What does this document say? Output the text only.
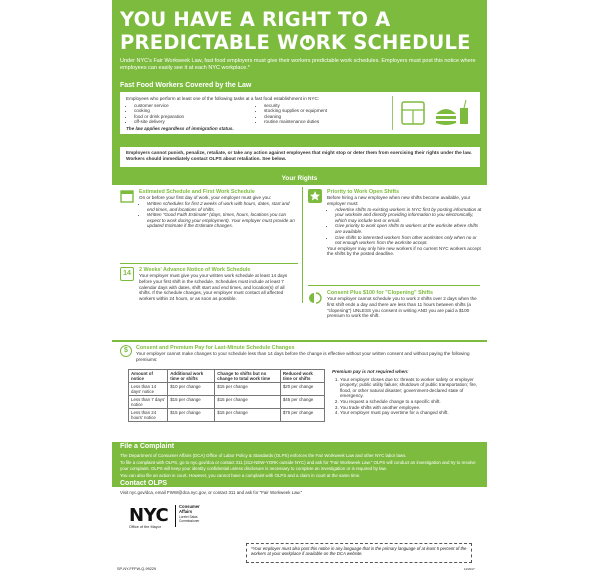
YOU HAVE A RIGHT TO A
PREDICTABLE W RK SCHEDULE
Under NYC's Fair Workweek Law, fast food employers must give their workers predictable work schedules. Employers must post this notice where employees can easily see it at each NYC workplace.*
Fast Food Workers Covered by the Law
Employees who perform at least one of the following tasks at a fast food establishment in NYC:
• customer service
• cooking
• food or drink preparation
• off-site delivery
• security
• stocking supplies or equipment
• cleaning
• routine maintenance duties
The law applies regardless of immigration status.
Employers cannot punish, penalize, retaliate, or take any action against employees that might stop or deter them from exercising their rights under the law. Workers should immediately contact OLPS about retaliation. See below.
Your Rights
Estimated Schedule and First Work Schedule
On or before your first day of work, your employer must give you:
• Written schedules for first 2 weeks of work with hours, dates, start and end times, and locations of shifts.
• Written "Good Faith Estimate" (days, times, hours, locations you can expect to work during your employment). Your employer must provide an updated Estimate if the Estimate changes.
14	2 Weeks' Advance Notice of Work Schedule
Your employer must give you your written work schedule at least 14 days before your first shift in the schedule. Schedules must include at least 7 calendar days with dates, shift start and end times, and location(s) of all shifts. If the schedule changes, your employer must contact all affected workers within 24 hours, or as soon as possible.
Priority to Work Open Shifts
Before hiring a new employee when new shifts become available, your employer must:
• Advertise shifts to existing workers in NYC first by posting information at your worksite and directly providing information to you electronically, which may include text or email.
• Give priority to work open shifts to workers at the worksite where shifts are available.
• Give shifts to interested workers from other worksites only when no or not enough workers from the worksite accept.
Your employer may only hire new workers if no current NYC workers accept the shifts by the posted deadline.
Consent Plus $100 for "Clopening" Shifts
Your employer cannot schedule you to work 2 shifts over 2 days when the first shift ends a day and there are less than 11 hours between shifts (a "clopening") UNLESS you consent in writing AND you are paid a $100 premium to work the shift.
$	Consent and Premium Pay for Last-Minute Schedule Changes
Your employer cannot make changes to your schedule less than 14 days before the change is effective without your written consent and without paying the following premiums:
Amount of notice	Additional work time or shifts	Change to shifts but no change to total work time	Reduced work time or shifts
Less than 14 days' notice	$10 per change	$15 per change	$20 per change
Less than 7 days' notice	$15 per change	$15 per change	$45 per change
Less than 24 hours' notice	$15 per change	$15 per change	$75 per change
Premium pay is not required when:
1. Your employer closes due to: threats to worker safety or employer property; public utility failure; shutdown of public transportation; fire, flood, or other natural disaster; government-declared state of emergency.
2. You request a schedule change to a specific shift.
3. You trade shifts with another employee.
4. Your employer must pay overtime for a changed shift.
File a Complaint
The Department of Consumer Affairs (DCA) Office of Labor Policy & Standards (OLPS) enforces the Fair Workweek Law and other NYC labor laws.
To file a complaint with OLPS, go to nyc.gov/dca or contact 311 (212-NEW-YORK outside NYC) and ask for "Fair Workweek Law." OLPS will conduct an investigation and try to resolve your complaint. OLPS will keep your identity confidential unless disclosure is necessary to complete an investigation or is required by law.
You can also file an action in court. However, you cannot have a complaint with OLPS and a claim in court at the same time.
Contact OLPS
Visit nyc.gov/dca, email FWW@dca.nyc.gov, or contact 311 and ask for "Fair Workweek Law."
NYC
Office of the Mayor
Consumer
Affairs
Lorelei Salas
Commissioner
SP-NY-FFFW-Q-99229	11/2017
*Your employer must also post this notice in any language that is the primary language of at least 5 percent of the workers at your workplace if available on the DCA website.
